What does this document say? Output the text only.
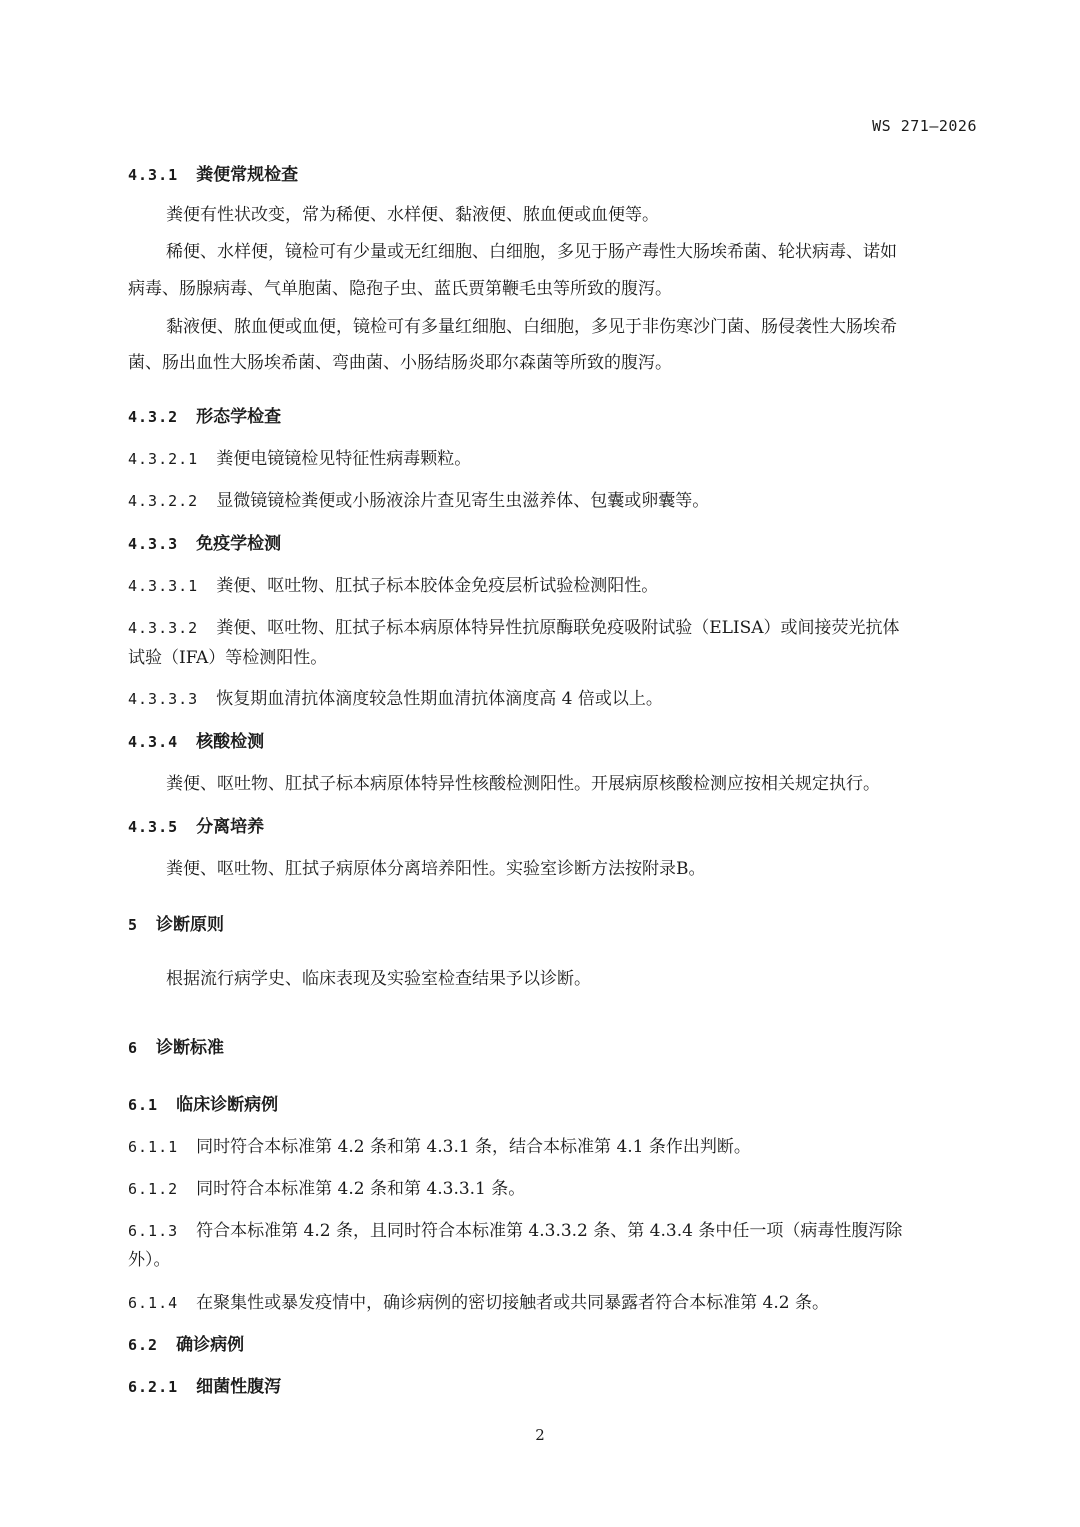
WS 271—2026
4.3.1 粪便常规检查
粪便有性状改变，常为稀便、水样便、黏液便、脓血便或血便等。
稀便、水样便，镜检可有少量或无红细胞、白细胞，多见于肠产毒性大肠埃希菌、轮状病毒、诺如
病毒、肠腺病毒、气单胞菌、隐孢子虫、蓝氏贾第鞭毛虫等所致的腹泻。
黏液便、脓血便或血便，镜检可有多量红细胞、白细胞，多见于非伤寒沙门菌、肠侵袭性大肠埃希
菌、肠出血性大肠埃希菌、弯曲菌、小肠结肠炎耶尔森菌等所致的腹泻。
4.3.2 形态学检查
4.3.2.1 粪便电镜镜检见特征性病毒颗粒。
4.3.2.2 显微镜镜检粪便或小肠液涂片查见寄生虫滋养体、包囊或卵囊等。
4.3.3 免疫学检测
4.3.3.1 粪便、呕吐物、肛拭子标本胶体金免疫层析试验检测阳性。
4.3.3.2 粪便、呕吐物、肛拭子标本病原体特异性抗原酶联免疫吸附试验（ELISA）或间接荧光抗体
试验（IFA）等检测阳性。
4.3.3.3 恢复期血清抗体滴度较急性期血清抗体滴度高 4 倍或以上。
4.3.4 核酸检测
粪便、呕吐物、肛拭子标本病原体特异性核酸检测阳性。开展病原核酸检测应按相关规定执行。
4.3.5 分离培养
粪便、呕吐物、肛拭子病原体分离培养阳性。实验室诊断方法按附录B。
5 诊断原则
根据流行病学史、临床表现及实验室检查结果予以诊断。
6 诊断标准
6.1 临床诊断病例
6.1.1 同时符合本标准第 4.2 条和第 4.3.1 条，结合本标准第 4.1 条作出判断。
6.1.2 同时符合本标准第 4.2 条和第 4.3.3.1 条。
6.1.3 符合本标准第 4.2 条，且同时符合本标准第 4.3.3.2 条、第 4.3.4 条中任一项（病毒性腹泻除
外）。
6.1.4 在聚集性或暴发疫情中，确诊病例的密切接触者或共同暴露者符合本标准第 4.2 条。
6.2 确诊病例
6.2.1 细菌性腹泻
2
